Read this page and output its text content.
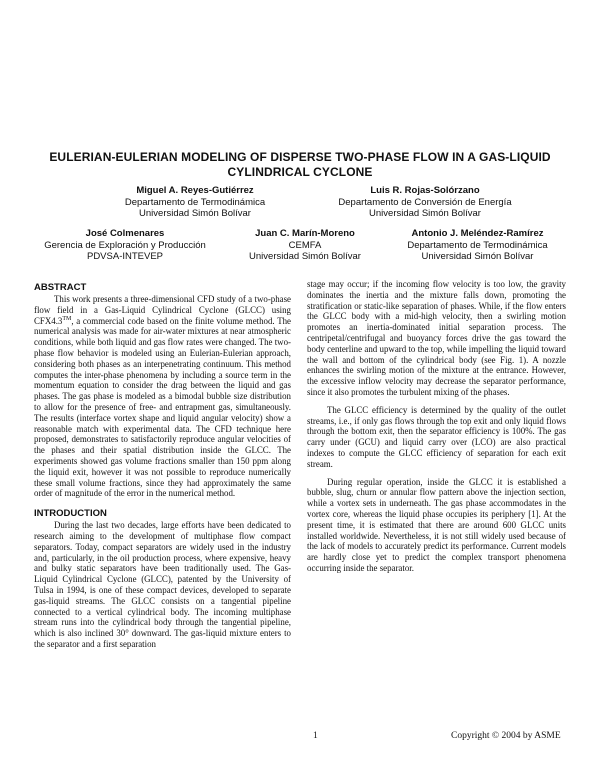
EULERIAN-EULERIAN MODELING OF DISPERSE TWO-PHASE FLOW IN A GAS-LIQUID
CYLINDRICAL CYCLONE
Miguel A. Reyes-Gutiérrez
Departamento de Termodinámica
Universidad Simón Bolívar
Luis R. Rojas-Solórzano
Departamento de Conversión de Energía
Universidad Simón Bolívar
José Colmenares
Gerencia de Exploración y Producción
PDVSA-INTEVEP
Juan C. Marín-Moreno
CEMFA
Universidad Simón Bolívar
Antonio J. Meléndez-Ramírez
Departamento de Termodinámica
Universidad Simón Bolívar
ABSTRACT

This work presents a three-dimensional CFD study of a two-phase flow field in a Gas-Liquid Cylindrical Cyclone (GLCC) using CFX4.3™, a commercial code based on the finite volume method. The numerical analysis was made for air-water mixtures at near atmospheric conditions, while both liquid and gas flow rates were changed. The two-phase flow behavior is modeled using an Eulerian-Eulerian approach, considering both phases as an interpenetrating continuum. This method computes the inter-phase phenomena by including a source term in the momentum equation to consider the drag between the liquid and gas phases. The gas phase is modeled as a bimodal bubble size distribution to allow for the presence of free- and entrapment gas, simultaneously. The results (interface vortex shape and liquid angular velocity) show a reasonable match with experimental data. The CFD technique here proposed, demonstrates to satisfactorily reproduce angular velocities of the phases and their spatial distribution inside the GLCC. The experiments showed gas volume fractions smaller than 150 ppm along the liquid exit, however it was not possible to reproduce numerically these small volume fractions, since they had approximately the same order of magnitude of the error in the numerical method.

INTRODUCTION

During the last two decades, large efforts have been dedicated to research aiming to the development of multiphase flow compact separators. Today, compact separators are widely used in the industry and, particularly, in the oil production process, where expensive, heavy and bulky static separators have been traditionally used. The Gas-Liquid Cylindrical Cyclone (GLCC), patented by the University of Tulsa in 1994, is one of these compact devices, developed to separate gas-liquid streams. The GLCC consists on a tangential pipeline connected to a vertical cylindrical body. The incoming multiphase stream runs into the cylindrical body through the tangential pipeline, which is also inclined 30° downward. The gas-liquid mixture enters to the separator and a first separation

stage may occur; if the incoming flow velocity is too low, the gravity dominates the inertia and the mixture falls down, promoting the stratification or static-like separation of phases. While, if the flow enters the GLCC body with a mid-high velocity, then a swirling motion promotes an inertia-dominated initial separation process. The centripetal/centrifugal and buoyancy forces drive the gas toward the body centerline and upward to the top, while impelling the liquid toward the wall and bottom of the cylindrical body (see Fig. 1). A nozzle enhances the swirling motion of the mixture at the entrance. However, the excessive inflow velocity may decrease the separator performance, since it also promotes the turbulent mixing of the phases.

The GLCC efficiency is determined by the quality of the outlet streams, i.e., if only gas flows through the top exit and only liquid flows through the bottom exit, then the separator efficiency is 100%. The gas carry under (GCU) and liquid carry over (LCO) are also practical indexes to compute the GLCC efficiency of separation for each exit stream.

During regular operation, inside the GLCC it is established a bubble, slug, churn or annular flow pattern above the injection section, while a vortex sets in underneath. The gas phase accommodates in the vortex core, whereas the liquid phase occupies its periphery [1]. At the present time, it is estimated that there are around 600 GLCC units installed worldwide. Nevertheless, it is not still widely used because of the lack of models to accurately predict its performance. Current models are hardly close yet to predict the complex transport phenomena occurring inside the separator.

1	Copyright © 2004 by ASME
